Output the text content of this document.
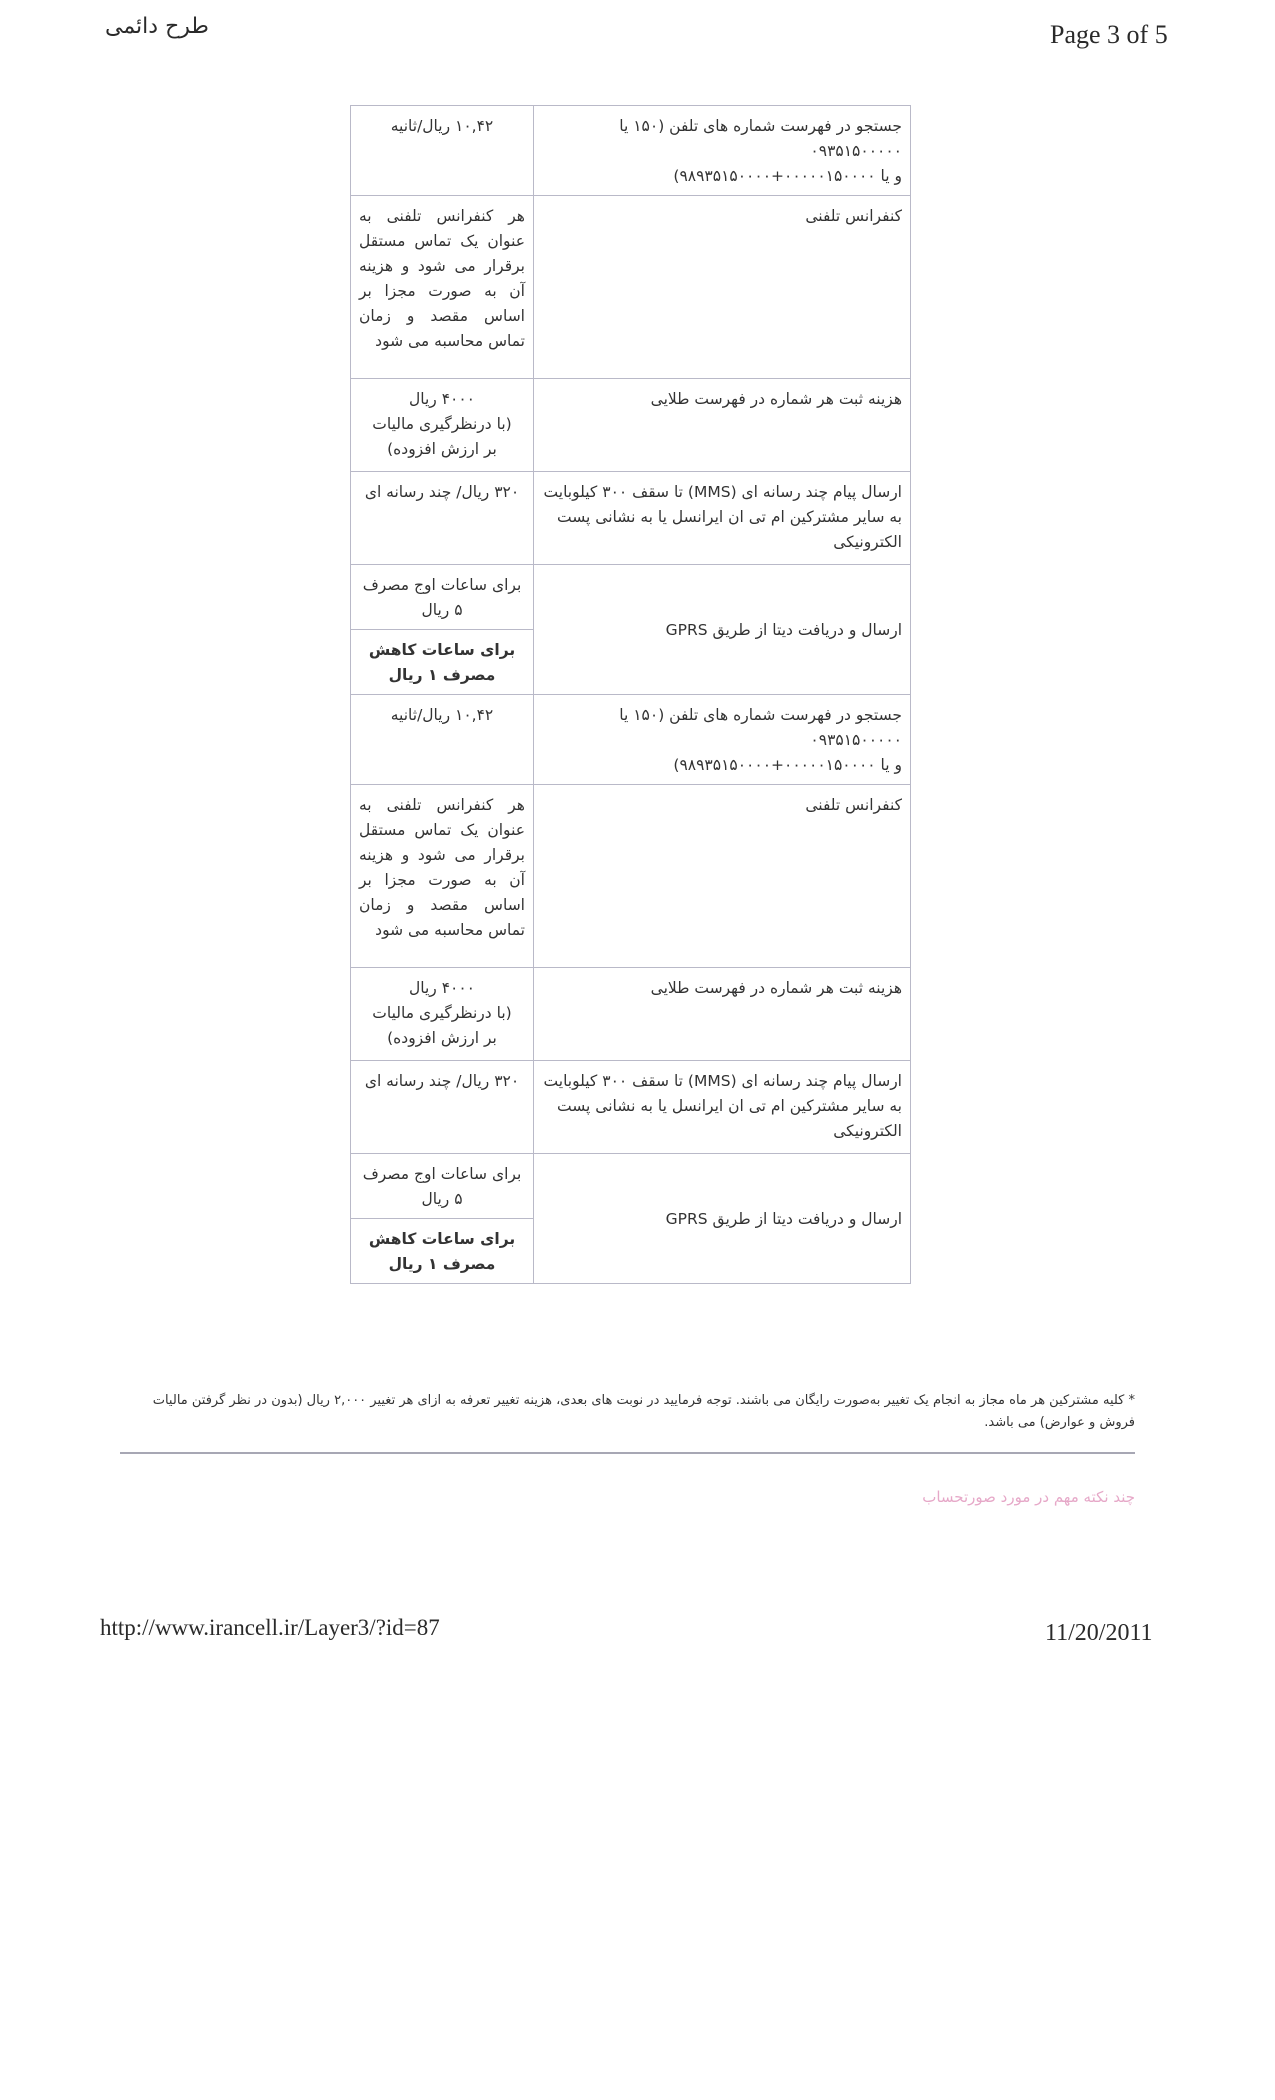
طرح دائمی	Page 3 of 5
جستجو در فهرست شماره های تلفن (۱۵۰ یا
۰۹۳۵۱۵۰۰۰۰۰
و یا ۰۰۰۰۰۱۵۰۰۰۰+۹۸۹۳۵۱۵۰۰۰۰)	۱۰,۴۲ ریال/ثانیه
کنفرانس تلفنی	هر کنفرانس تلفنی به عنوان یک تماس مستقل برقرار می شود و هزینه آن به صورت مجزا بر اساس مقصد و زمان تماس محاسبه می شود
هزینه ثبت هر شماره در فهرست طلایی	۴۰۰۰ ریال
(با درنظرگیری مالیات
بر ارزش افزوده)

ارسال پیام چند رسانه ای (MMS) تا سقف ۳۰۰ کیلوبایت به سایر مشترکین ام تی ان ایرانسل یا به نشانی پست الکترونیکی	۳۲۰ ریال/ چند رسانه ای
ارسال و دریافت دیتا از طریق GPRS	برای ساعات اوج مصرف
۵ ریال

	برای ساعات کاهش
مصرف ۱ ریال

جستجو در فهرست شماره های تلفن (۱۵۰ یا
۰۹۳۵۱۵۰۰۰۰۰
و یا ۰۰۰۰۰۱۵۰۰۰۰+۹۸۹۳۵۱۵۰۰۰۰)	۱۰,۴۲ ریال/ثانیه
کنفرانس تلفنی	هر کنفرانس تلفنی به عنوان یک تماس مستقل برقرار می شود و هزینه آن به صورت مجزا بر اساس مقصد و زمان تماس محاسبه می شود
هزینه ثبت هر شماره در فهرست طلایی	۴۰۰۰ ریال
(با درنظرگیری مالیات
بر ارزش افزوده)

ارسال پیام چند رسانه ای (MMS) تا سقف ۳۰۰ کیلوبایت به سایر مشترکین ام تی ان ایرانسل یا به نشانی پست الکترونیکی	۳۲۰ ریال/ چند رسانه ای
ارسال و دریافت دیتا از طریق GPRS	برای ساعات اوج مصرف
۵ ریال

	برای ساعات کاهش
مصرف ۱ ریال
* کلیه مشترکین هر ماه مجاز به انجام یک تغییر به‌صورت رایگان می باشند. توجه فرمایید در نوبت های بعدی، هزینه تغییر تعرفه به ازای هر تغییر ۲,۰۰۰ ریال (بدون در نظر گرفتن مالیات فروش و عوارض) می باشد.
چند نکته مهم در مورد صورتحساب
http://www.irancell.ir/Layer3/?id=87	11/20/2011
